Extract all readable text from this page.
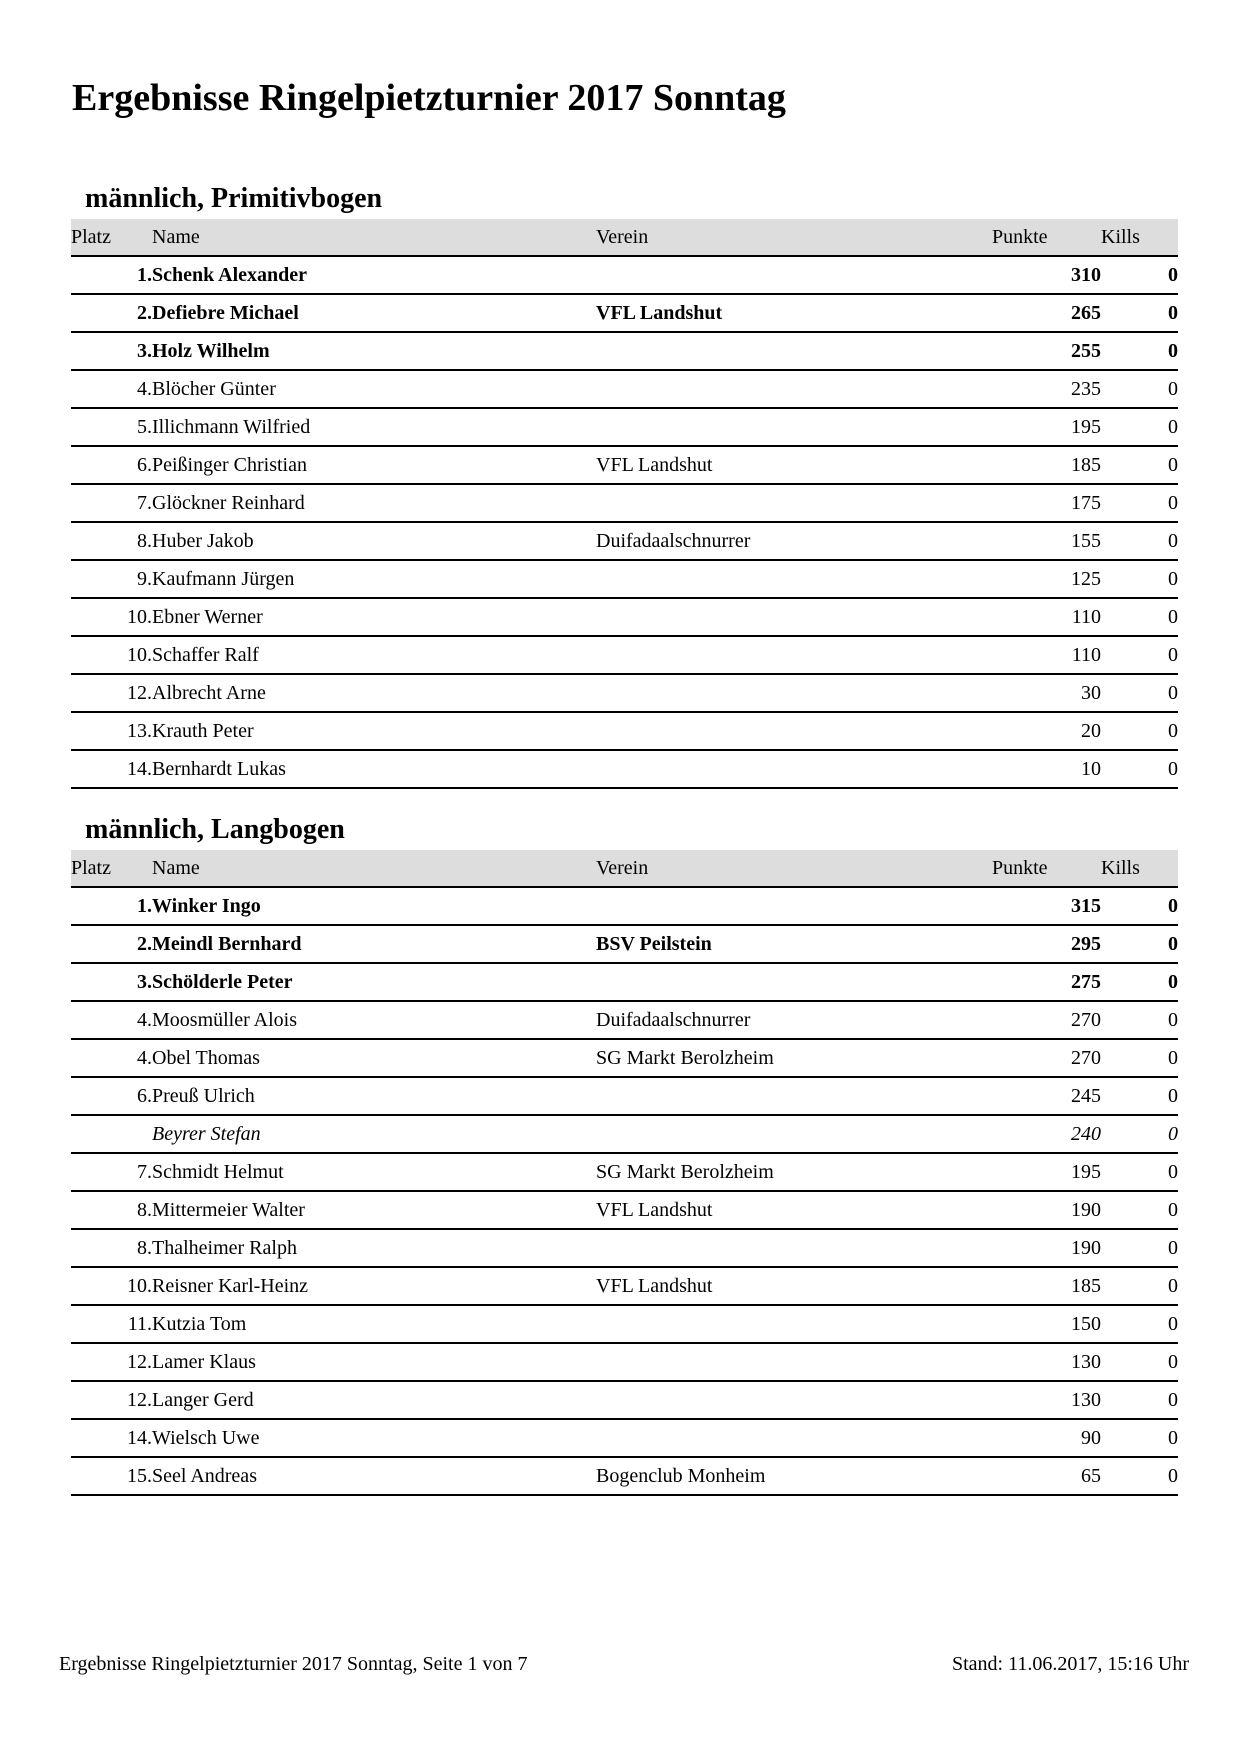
Ergebnisse Ringelpietzturnier 2017 Sonntag
männlich, Primitivbogen
Platz	Name	Verein	Punkte	Kills
1.	Schenk Alexander		310	0
2.	Defiebre Michael	VFL Landshut	265	0
3.	Holz Wilhelm		255	0
4.	Blöcher Günter		235	0
5.	Illichmann Wilfried		195	0
6.	Peißinger Christian	VFL Landshut	185	0
7.	Glöckner Reinhard		175	0
8.	Huber Jakob	Duifadaalschnurrer	155	0
9.	Kaufmann Jürgen		125	0
10.	Ebner Werner		110	0
10.	Schaffer Ralf		110	0
12.	Albrecht Arne		30	0
13.	Krauth Peter		20	0
14.	Bernhardt Lukas		10	0
männlich, Langbogen
Platz	Name	Verein	Punkte	Kills
1.	Winker Ingo		315	0
2.	Meindl Bernhard	BSV Peilstein	295	0
3.	Schölderle Peter		275	0
4.	Moosmüller Alois	Duifadaalschnurrer	270	0
4.	Obel Thomas	SG Markt Berolzheim	270	0
6.	Preuß Ulrich		245	0
	Beyrer Stefan		240	0
7.	Schmidt Helmut	SG Markt Berolzheim	195	0
8.	Mittermeier Walter	VFL Landshut	190	0
8.	Thalheimer Ralph		190	0
10.	Reisner Karl-Heinz	VFL Landshut	185	0
11.	Kutzia Tom		150	0
12.	Lamer Klaus		130	0
12.	Langer Gerd		130	0
14.	Wielsch Uwe		90	0
15.	Seel Andreas	Bogenclub Monheim	65	0
Ergebnisse Ringelpietzturnier 2017 Sonntag, Seite 1 von 7	Stand: 11.06.2017, 15:16 Uhr
